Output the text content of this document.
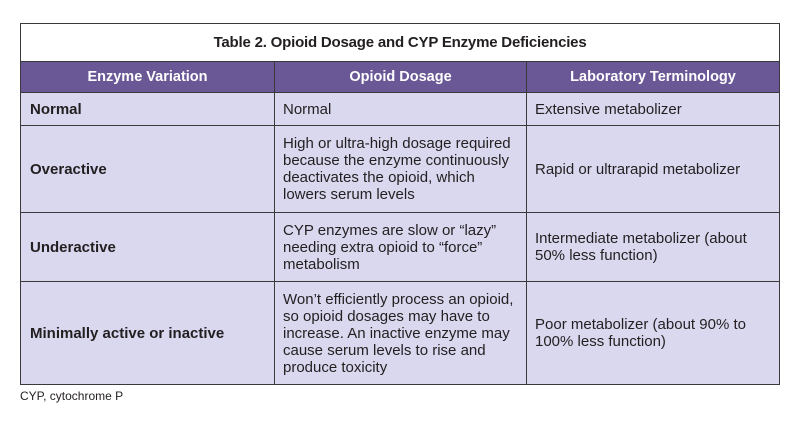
Table 2. Opioid Dosage and CYP Enzyme Deficiencies		
Enzyme Variation	Opioid Dosage	Laboratory Terminology
Normal	Normal	Extensive metabolizer
Overactive	High or ultra-high dosage required because the enzyme continuously deactivates the opioid, which lowers serum levels	Rapid or ultrarapid metabolizer
Underactive	CYP enzymes are slow or “lazy” needing extra opioid to “force” metabolism	Intermediate metabolizer (about 50% less function)
Minimally active or inactive	Won’t efficiently process an opioid, so opioid dosages may have to increase. An inactive enzyme may cause serum levels to rise and produce toxicity	Poor metabolizer (about 90% to 100% less function)
CYP, cytochrome P
